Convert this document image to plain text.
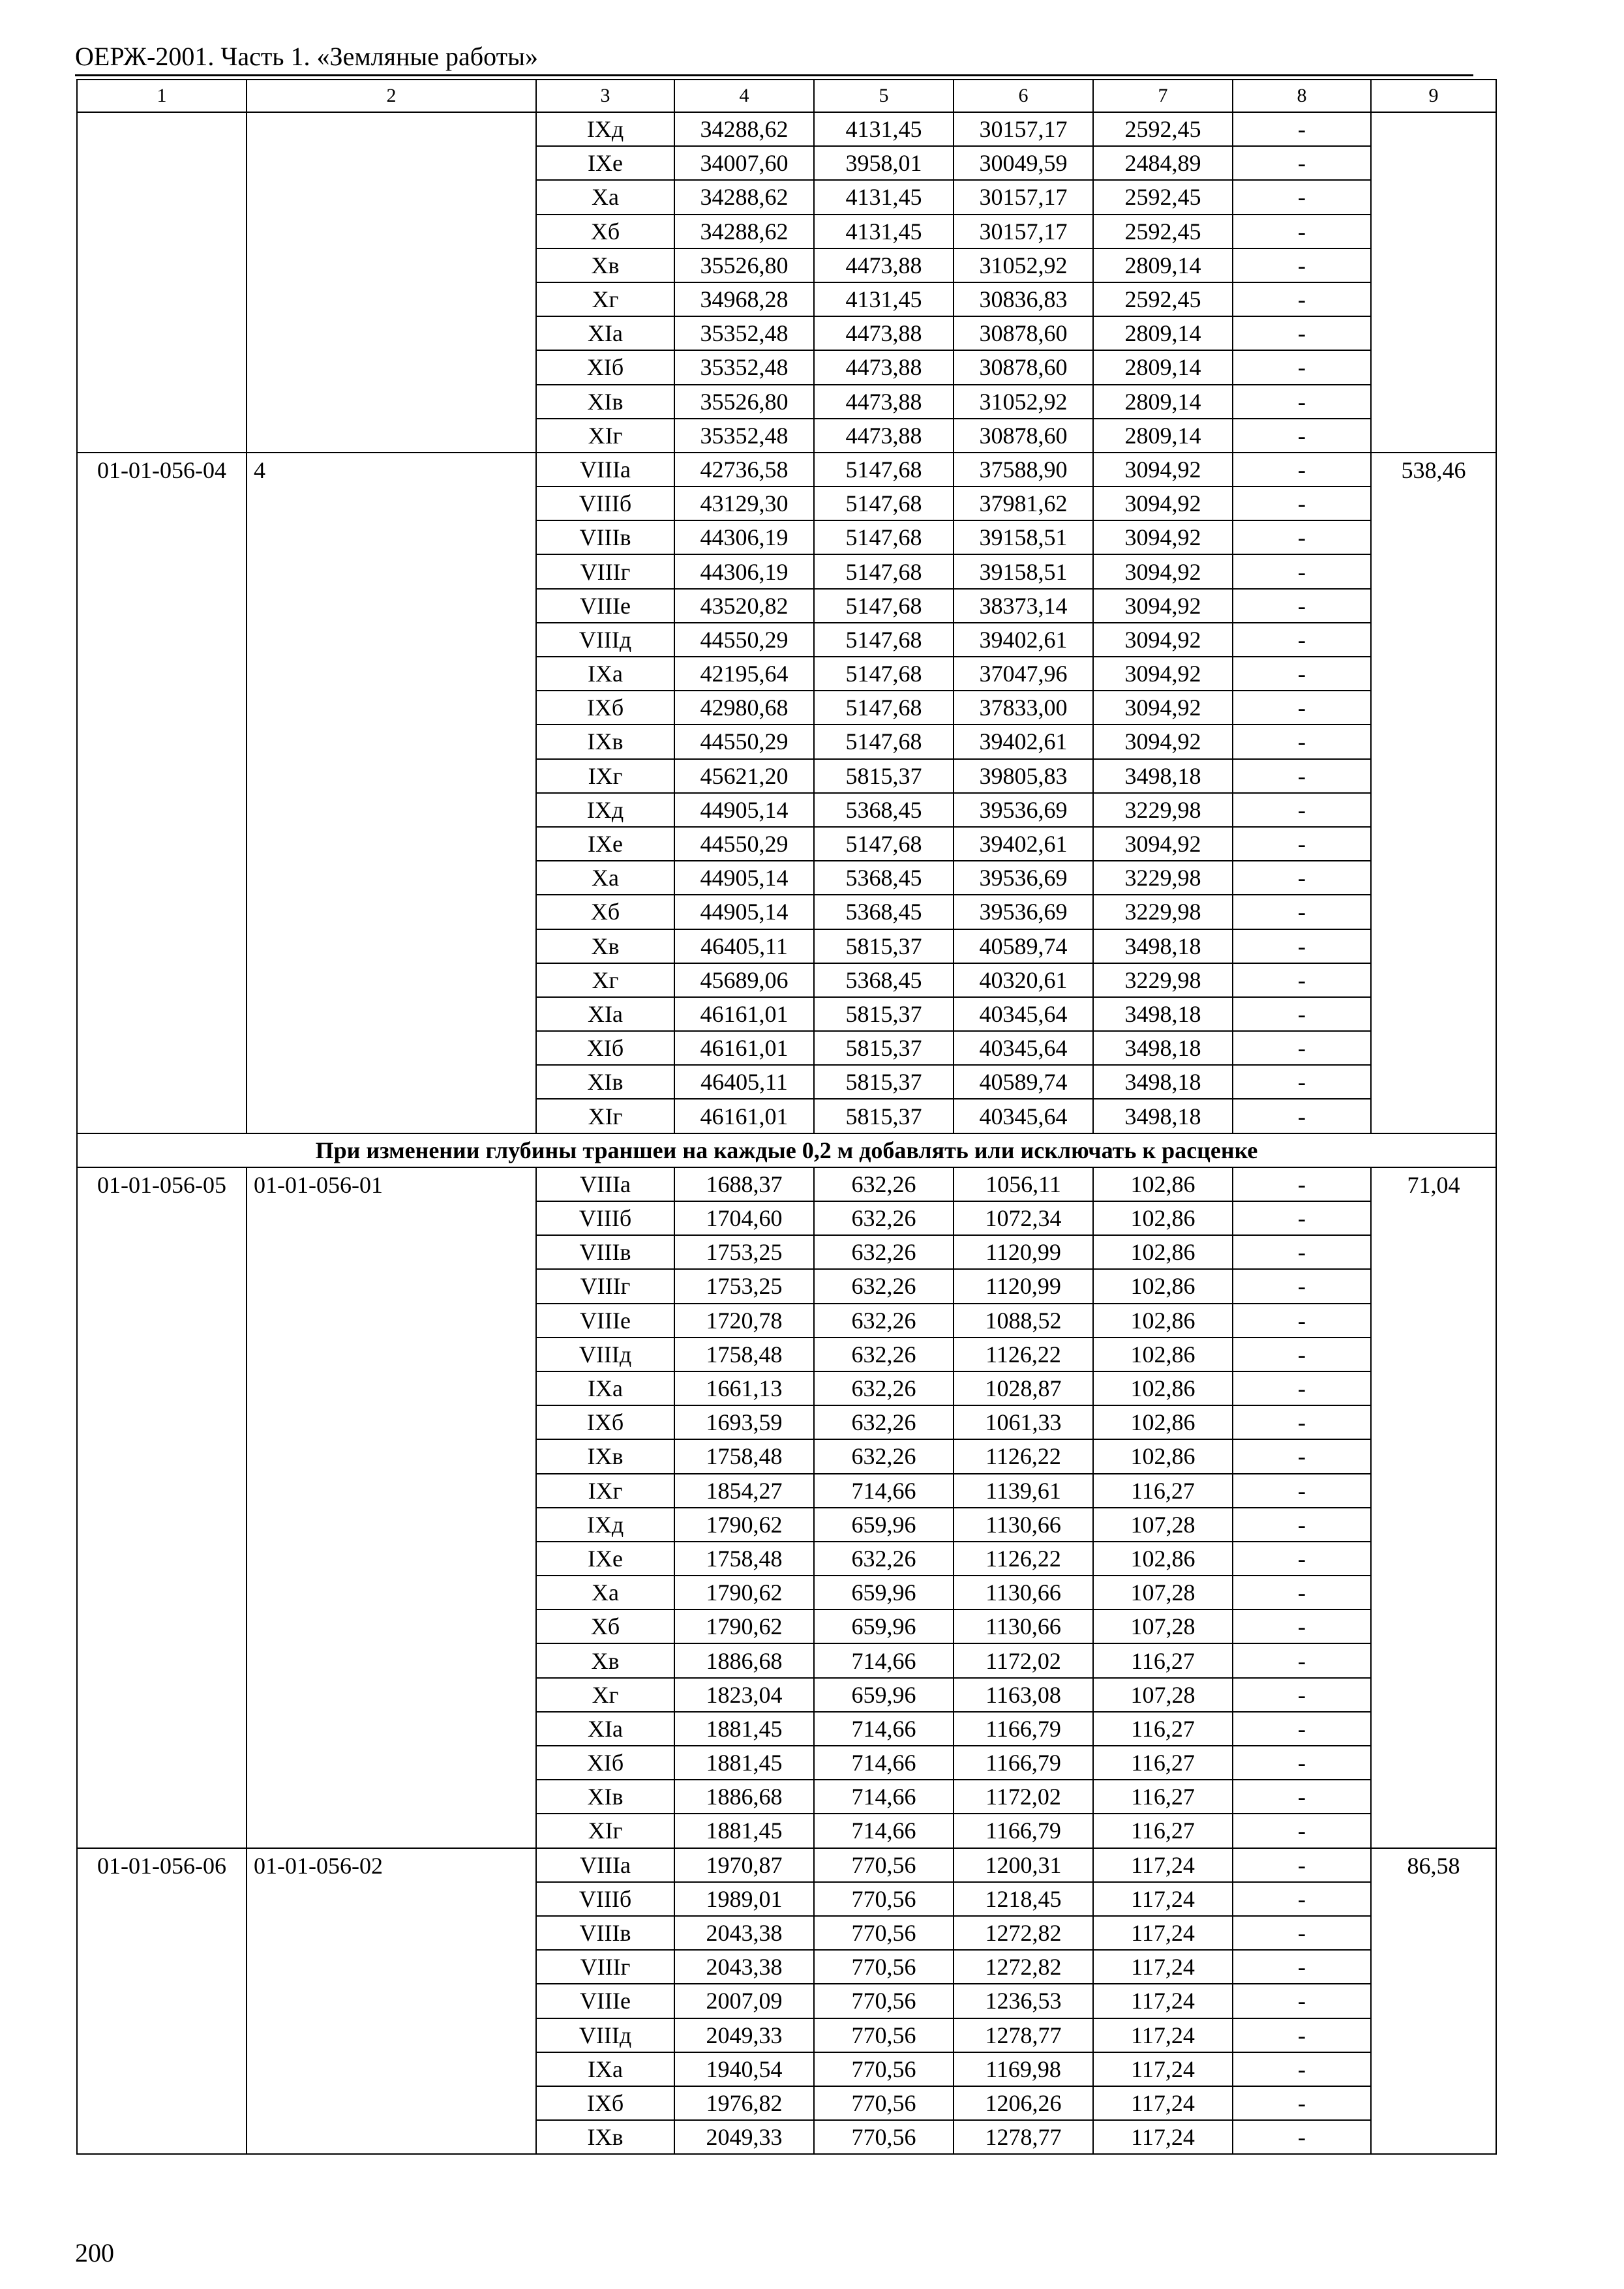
ОЕРЖ-2001. Часть 1. «Земляные работы»
1	2	3	4	5	6	7	8	9
		IXд	34288,62	4131,45	30157,17	2592,45	-	
		IXе	34007,60	3958,01	30049,59	2484,89	-	
		Xа	34288,62	4131,45	30157,17	2592,45	-	
		Xб	34288,62	4131,45	30157,17	2592,45	-	
		Xв	35526,80	4473,88	31052,92	2809,14	-	
		Xг	34968,28	4131,45	30836,83	2592,45	-	
		XIа	35352,48	4473,88	30878,60	2809,14	-	
		XIб	35352,48	4473,88	30878,60	2809,14	-	
		XIв	35526,80	4473,88	31052,92	2809,14	-	
		XIг	35352,48	4473,88	30878,60	2809,14	-	
01-01-056-04	4	VIIIа	42736,58	5147,68	37588,90	3094,92	-	538,46
		VIIIб	43129,30	5147,68	37981,62	3094,92	-	
		VIIIв	44306,19	5147,68	39158,51	3094,92	-	
		VIIIг	44306,19	5147,68	39158,51	3094,92	-	
		VIIIе	43520,82	5147,68	38373,14	3094,92	-	
		VIIIд	44550,29	5147,68	39402,61	3094,92	-	
		IXа	42195,64	5147,68	37047,96	3094,92	-	
		IXб	42980,68	5147,68	37833,00	3094,92	-	
		IXв	44550,29	5147,68	39402,61	3094,92	-	
		IXг	45621,20	5815,37	39805,83	3498,18	-	
		IXд	44905,14	5368,45	39536,69	3229,98	-	
		IXе	44550,29	5147,68	39402,61	3094,92	-	
		Xа	44905,14	5368,45	39536,69	3229,98	-	
		Xб	44905,14	5368,45	39536,69	3229,98	-	
		Xв	46405,11	5815,37	40589,74	3498,18	-	
		Xг	45689,06	5368,45	40320,61	3229,98	-	
		XIа	46161,01	5815,37	40345,64	3498,18	-	
		XIб	46161,01	5815,37	40345,64	3498,18	-	
		XIв	46405,11	5815,37	40589,74	3498,18	-	
		XIг	46161,01	5815,37	40345,64	3498,18	-	
При изменении глубины траншеи на каждые 0,2 м добавлять или исключать к расценке								
01-01-056-05	01-01-056-01	VIIIа	1688,37	632,26	1056,11	102,86	-	71,04
		VIIIб	1704,60	632,26	1072,34	102,86	-	
		VIIIв	1753,25	632,26	1120,99	102,86	-	
		VIIIг	1753,25	632,26	1120,99	102,86	-	
		VIIIе	1720,78	632,26	1088,52	102,86	-	
		VIIIд	1758,48	632,26	1126,22	102,86	-	
		IXа	1661,13	632,26	1028,87	102,86	-	
		IXб	1693,59	632,26	1061,33	102,86	-	
		IXв	1758,48	632,26	1126,22	102,86	-	
		IXг	1854,27	714,66	1139,61	116,27	-	
		IXд	1790,62	659,96	1130,66	107,28	-	
		IXе	1758,48	632,26	1126,22	102,86	-	
		Xа	1790,62	659,96	1130,66	107,28	-	
		Xб	1790,62	659,96	1130,66	107,28	-	
		Xв	1886,68	714,66	1172,02	116,27	-	
		Xг	1823,04	659,96	1163,08	107,28	-	
		XIа	1881,45	714,66	1166,79	116,27	-	
		XIб	1881,45	714,66	1166,79	116,27	-	
		XIв	1886,68	714,66	1172,02	116,27	-	
		XIг	1881,45	714,66	1166,79	116,27	-	
01-01-056-06	01-01-056-02	VIIIа	1970,87	770,56	1200,31	117,24	-	86,58
		VIIIб	1989,01	770,56	1218,45	117,24	-	
		VIIIв	2043,38	770,56	1272,82	117,24	-	
		VIIIг	2043,38	770,56	1272,82	117,24	-	
		VIIIе	2007,09	770,56	1236,53	117,24	-	
		VIIIд	2049,33	770,56	1278,77	117,24	-	
		IXа	1940,54	770,56	1169,98	117,24	-	
		IXб	1976,82	770,56	1206,26	117,24	-	
		IXв	2049,33	770,56	1278,77	117,24	-	
200
